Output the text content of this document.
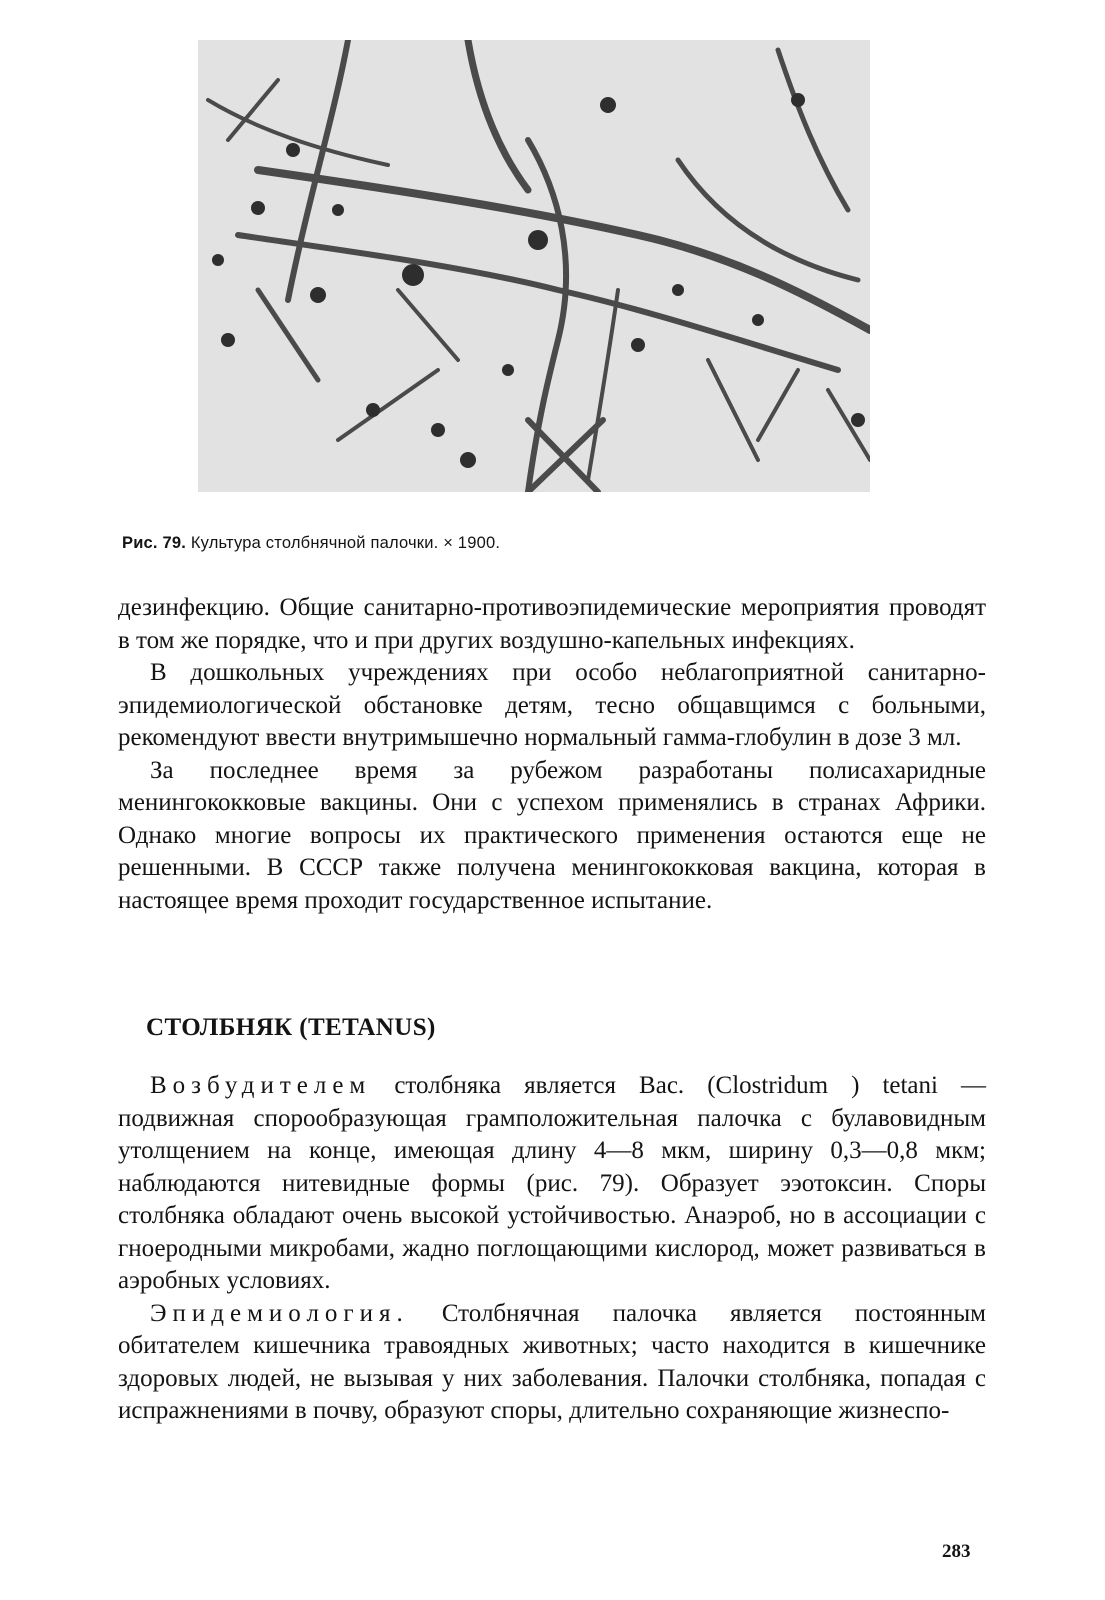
Рис. 79. Культура столбнячной палочки. × 1900.

дезинфекцию. Общие санитарно-противоэпидемические мероприятия проводят в том же порядке, что и при других воздушно-капельных инфекциях.

В дошкольных учреждениях при особо неблагоприятной санитарно-эпидемиологической обстановке детям, тесно общавщимся с больными, рекомендуют ввести внутримышечно нормальный гамма-глобулин в дозе 3 мл.

За последнее время за рубежом разработаны полисахаридные менингококковые вакцины. Они с успехом применялись в странах Африки. Однако многие вопросы их практического применения остаются еще не решенными. В СССР также получена менингококковая вакцина, которая в настоящее время проходит государственное испытание.

СТОЛБНЯК (TETANUS)

Возбудителем столбняка является Bac. (Clostridum ) tetani — подвижная спорообразующая грамположительная палочка с булавовидным утолщением на конце, имеющая длину 4—8 мкм, ширину 0,3—0,8 мкм; наблюдаются нитевидные формы (рис. 79). Образует ээотоксин. Споры столбняка обладают очень высокой устойчивостью. Анаэроб, но в ассоциации с гноеродными микробами, жадно поглощающими кислород, может развиваться в аэробных условиях.

Эпидемиология. Столбнячная палочка является постоянным обитателем кишечника травоядных животных; часто находится в кишечнике здоровых людей, не вызывая у них заболевания. Палочки столбняка, попадая с испражнениями в почву, образуют споры, длительно сохраняющие жизнеспо-

283
